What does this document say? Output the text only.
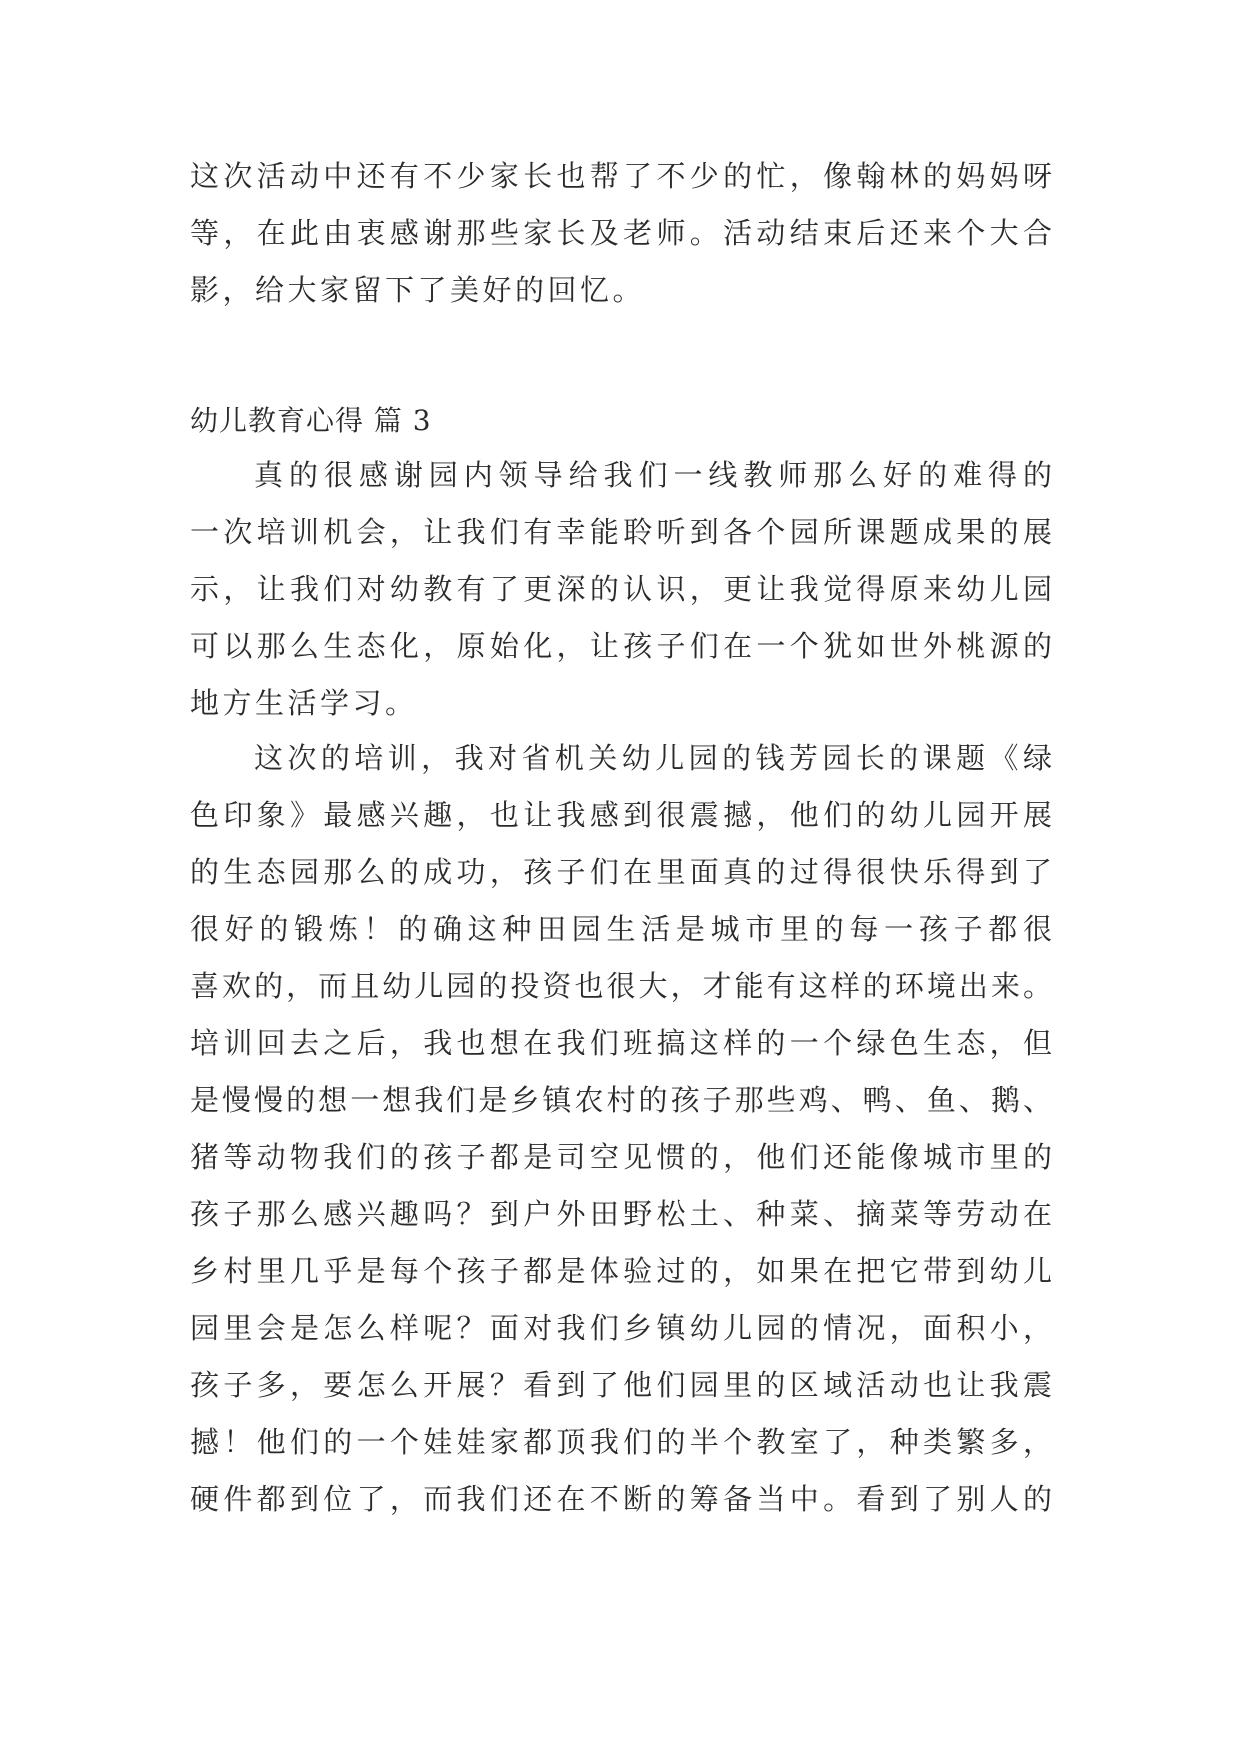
这次活动中还有不少家长也帮了不少的忙，像翰林的妈妈呀
等，在此由衷感谢那些家长及老师。活动结束后还来个大合
影，给大家留下了美好的回忆。
幼儿教育心得 篇 3
真的很感谢园内领导给我们一线教师那么好的难得的
一次培训机会，让我们有幸能聆听到各个园所课题成果的展
示，让我们对幼教有了更深的认识，更让我觉得原来幼儿园
可以那么生态化，原始化，让孩子们在一个犹如世外桃源的
地方生活学习。
这次的培训，我对省机关幼儿园的钱芳园长的课题《绿
色印象》最感兴趣，也让我感到很震撼，他们的幼儿园开展
的生态园那么的成功，孩子们在里面真的过得很快乐得到了
很好的锻炼！的确这种田园生活是城市里的每一孩子都很
喜欢的，而且幼儿园的投资也很大，才能有这样的环境出来。
培训回去之后，我也想在我们班搞这样的一个绿色生态，但
是慢慢的想一想我们是乡镇农村的孩子那些鸡、鸭、鱼、鹅、
猪等动物我们的孩子都是司空见惯的，他们还能像城市里的
孩子那么感兴趣吗？到户外田野松土、种菜、摘菜等劳动在
乡村里几乎是每个孩子都是体验过的，如果在把它带到幼儿
园里会是怎么样呢？面对我们乡镇幼儿园的情况，面积小，
孩子多，要怎么开展？看到了他们园里的区域活动也让我震
撼！他们的一个娃娃家都顶我们的半个教室了，种类繁多，
硬件都到位了，而我们还在不断的筹备当中。看到了别人的
